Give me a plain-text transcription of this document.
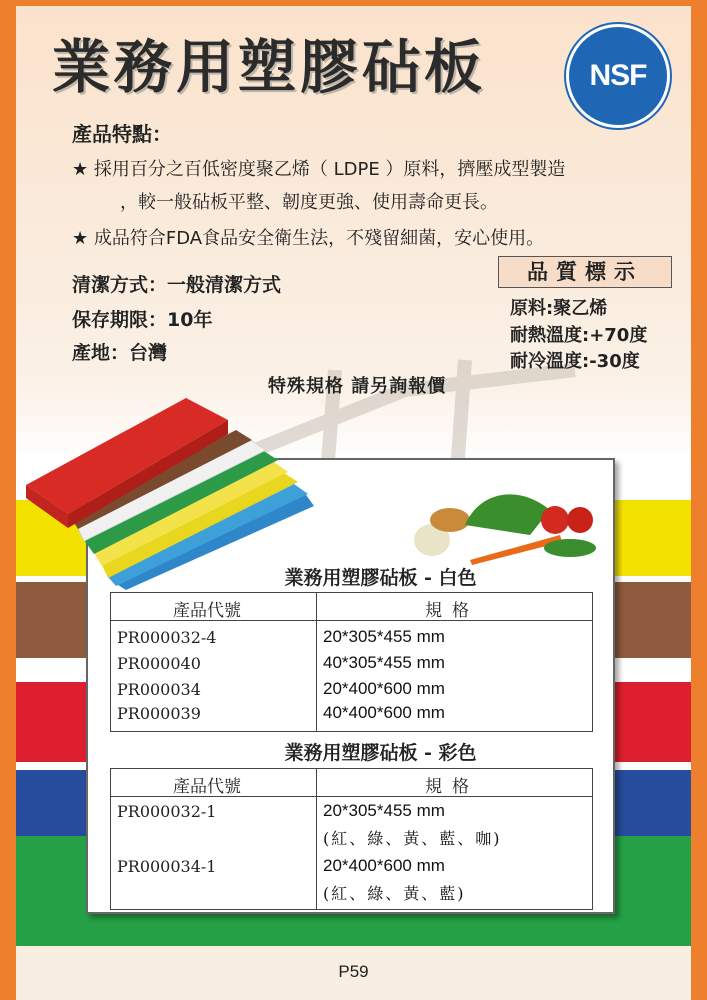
業務用塑膠砧板	NSF
產品特點：
★ 採用百分之百低密度聚乙烯（ LDPE ）原料，擠壓成型製造
，較一般砧板平整、韌度更強、使用壽命更長。
★ 成品符合FDA食品安全衛生法，不殘留細菌，安心使用。
清潔方式：一般清潔方式
保存期限：10年
產地：台灣
品質標示
原料:聚乙烯
耐熱溫度:+70度
耐冷溫度:-30度
特殊規格 請另詢報價
業務用塑膠砧板 - 白色
產品代號	規格
PR000032-4	20*305*455 mm
PR000040	40*305*455 mm
PR000034	20*400*600 mm
PR000039	40*400*600 mm
業務用塑膠砧板 - 彩色
產品代號	規格
PR000032-1	20*305*455 mm
(紅、綠、黃、藍、咖)
PR000034-1	20*400*600 mm
(紅、綠、黃、藍)
P59
